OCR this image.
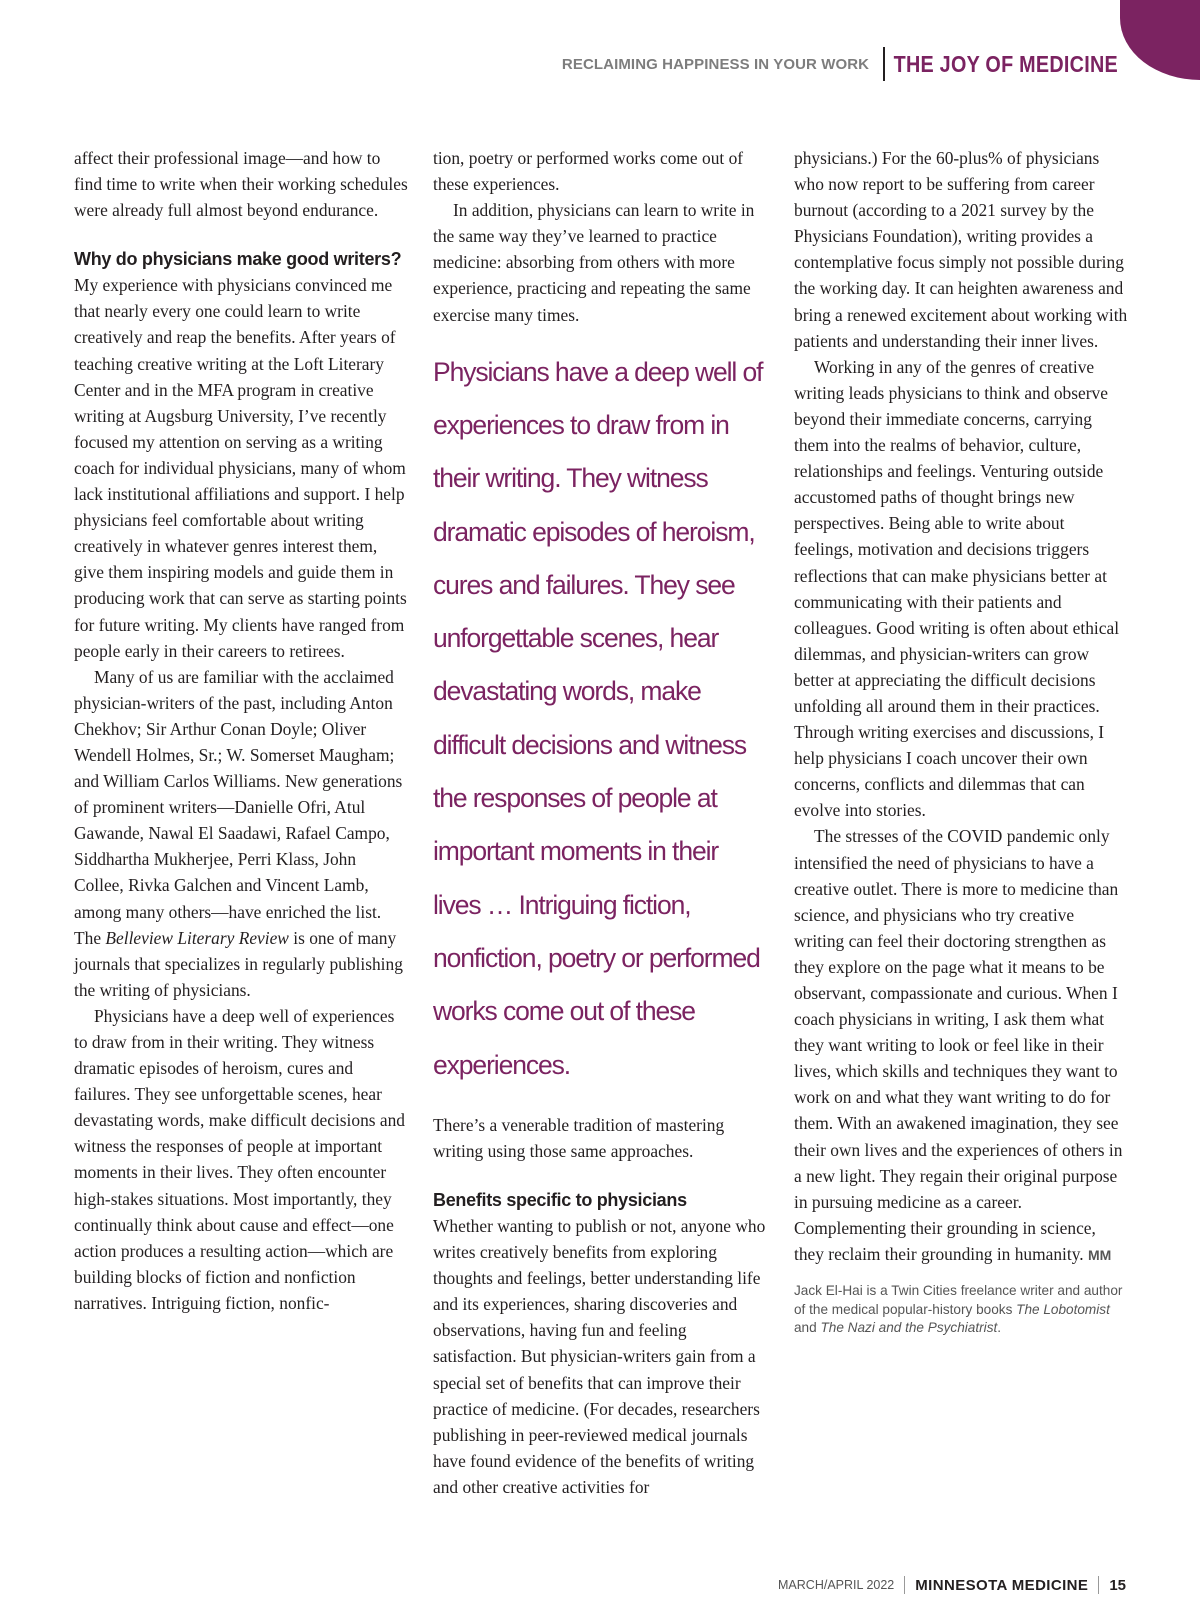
RECLAIMING HAPPINESS IN YOUR WORK	THE JOY OF MEDICINE

affect their professional image—and how to find time to write when their working schedules were already full almost beyond endurance.

Why do physicians make good writers?

My experience with physicians convinced me that nearly every one could learn to write creatively and reap the benefits. After years of teaching creative writing at the Loft Literary Center and in the MFA program in creative writing at Augsburg University, I’ve recently focused my attention on serving as a writing coach for individual physicians, many of whom lack institutional affiliations and support. I help physicians feel comfortable about writing creatively in whatever genres interest them, give them inspiring models and guide them in producing work that can serve as starting points for future writing. My clients have ranged from people early in their careers to retirees.

Many of us are familiar with the acclaimed physician-writers of the past, including Anton Chekhov; Sir Arthur Conan Doyle; Oliver Wendell Holmes, Sr.; W. Somerset Maugham; and William Carlos Williams. New generations of prominent writers—Danielle Ofri, Atul Gawande, Nawal El Saadawi, Rafael Campo, Siddhartha Mukherjee, Perri Klass, John Collee, Rivka Galchen and Vincent Lamb, among many others—have enriched the list. The Belleview Literary Review is one of many journals that specializes in regularly publishing the writing of physicians.

Physicians have a deep well of experiences to draw from in their writing. They witness dramatic episodes of heroism, cures and failures. They see unforgettable scenes, hear devastating words, make difficult decisions and witness the responses of people at important moments in their lives. They often encounter high-stakes situations. Most importantly, they continually think about cause and effect—one action produces a resulting action—which are building blocks of fiction and nonfiction narratives. Intriguing fiction, nonfic-

tion, poetry or performed works come out of these experiences.

In addition, physicians can learn to write in the same way they’ve learned to practice medicine: absorbing from others with more experience, practicing and repeating the same exercise many times.

Physicians have a deep well of experiences to draw from in their writing. They witness dramatic episodes of heroism, cures and failures. They see unforgettable scenes, hear devastating words, make difficult decisions and witness the responses of people at important moments in their lives … Intriguing fiction, nonfiction, poetry or performed works come out of these experiences.

There’s a venerable tradition of mastering writing using those same approaches.

Benefits specific to physicians

Whether wanting to publish or not, anyone who writes creatively benefits from exploring thoughts and feelings, better understanding life and its experiences, sharing discoveries and observations, having fun and feeling satisfaction. But physician-writers gain from a special set of benefits that can improve their practice of medicine. (For decades, researchers publishing in peer-reviewed medical journals have found evidence of the benefits of writing and other creative activities for

physicians.) For the 60-plus% of physicians who now report to be suffering from career burnout (according to a 2021 survey by the Physicians Foundation), writing provides a contemplative focus simply not possible during the working day. It can heighten awareness and bring a renewed excitement about working with patients and understanding their inner lives.

Working in any of the genres of creative writing leads physicians to think and observe beyond their immediate concerns, carrying them into the realms of behavior, culture, relationships and feelings. Venturing outside accustomed paths of thought brings new perspectives. Being able to write about feelings, motivation and decisions triggers reflections that can make physicians better at communicating with their patients and colleagues. Good writing is often about ethical dilemmas, and physician-writers can grow better at appreciating the difficult decisions unfolding all around them in their practices. Through writing exercises and discussions, I help physicians I coach uncover their own concerns, conflicts and dilemmas that can evolve into stories.

The stresses of the COVID pandemic only intensified the need of physicians to have a creative outlet. There is more to medicine than science, and physicians who try creative writing can feel their doctoring strengthen as they explore on the page what it means to be observant, compassionate and curious. When I coach physicians in writing, I ask them what they want writing to look or feel like in their lives, which skills and techniques they want to work on and what they want writing to do for them. With an awakened imagination, they see their own lives and the experiences of others in a new light. They regain their original purpose in pursuing medicine as a career. Complementing their grounding in science, they reclaim their grounding in humanity. MM

Jack El-Hai is a Twin Cities freelance writer and author of the medical popular-history books The Lobotomist and The Nazi and the Psychiatrist.
MARCH/APRIL 2022 MINNESOTA MEDICINE 15
